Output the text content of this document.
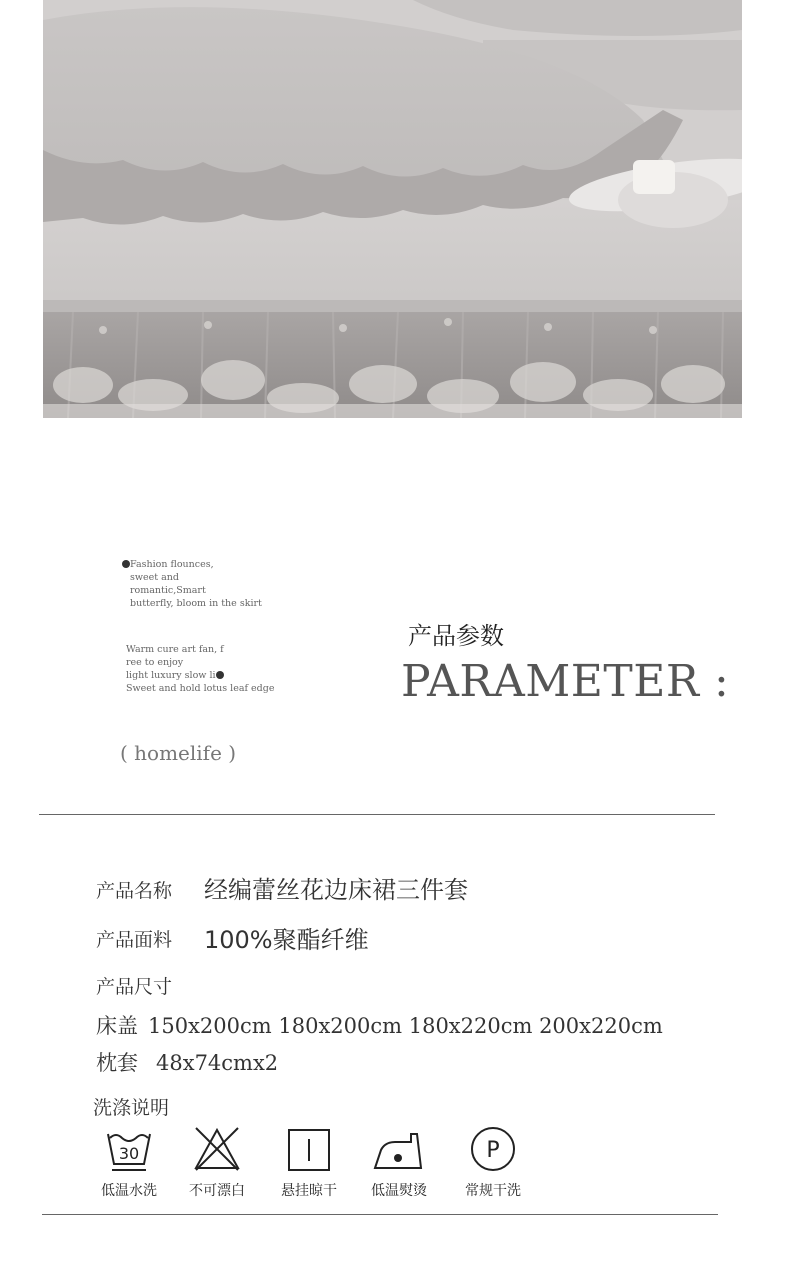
Fashion flounces,
sweet and
romantic,Smart
butterfly, bloom in the skirt
Warm cure art fan, f
ree to enjoy
light luxury slow li
Sweet and hold lotus leaf edge
( homelife )
产品参数
PARAMETER :
产品名称 经编蕾丝花边床裙三件套
产品面料 100%聚酯纤维
产品尺寸
床盖 150x200cm 180x200cm 180x220cm 200x220cm
枕套 48x74cmx2
洗涤说明
30
低温水洗	不可漂白	悬挂晾干	低温熨烫
P
常规干洗
